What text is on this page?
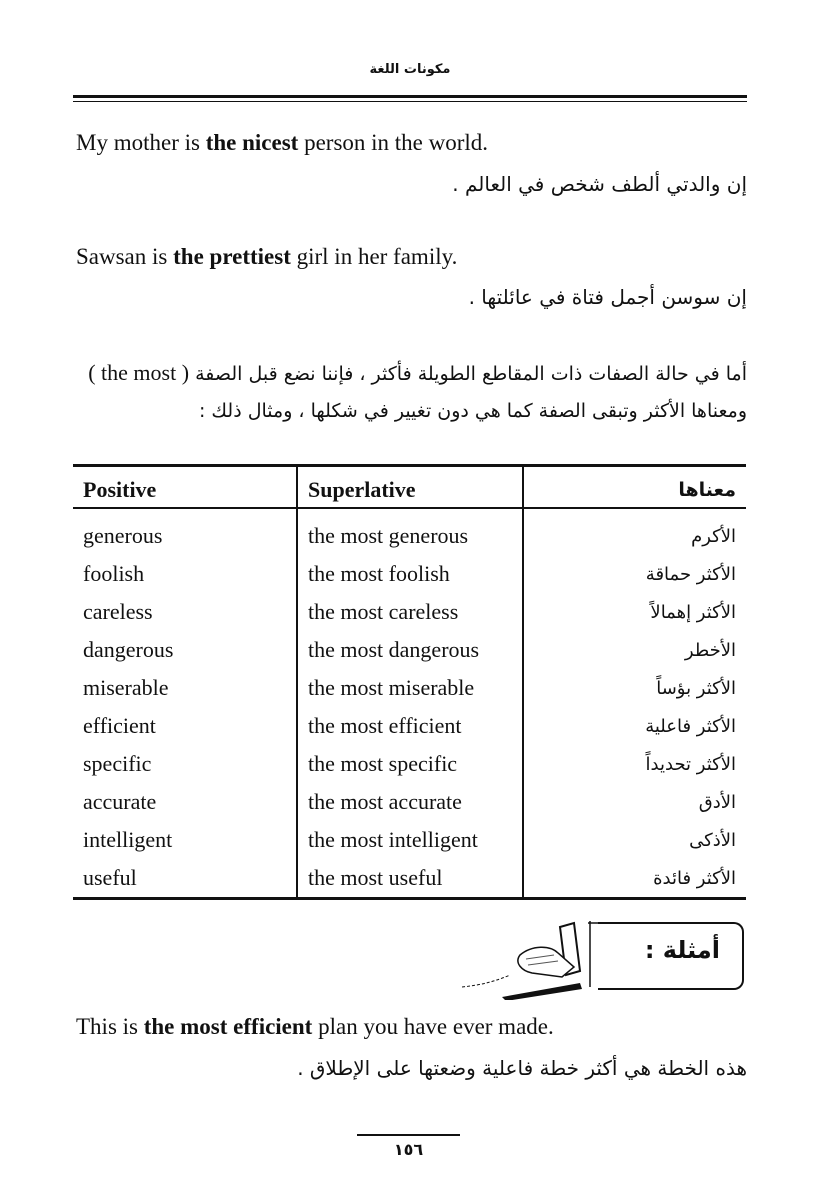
مكونات اللغة
My mother is the nicest person in the world.
إن والدتي ألطف شخص في العالم .
Sawsan is the prettiest girl in her family.
إن سوسن أجمل فتاة في عائلتها .
أما في حالة الصفات ذات المقاطع الطويلة فأكثر ، فإننا نضع قبل الصفة ( the most )
ومعناها الأكثر وتبقى الصفة كما هي دون تغيير في شكلها ، ومثال ذلك :
Positive	Superlative	معناها
generous	the most generous	الأكرم
foolish	the most foolish	الأكثر حماقة
careless	the most careless	الأكثر إهمالاً
dangerous	the most dangerous	الأخطر
miserable	the most miserable	الأكثر بؤساً
efficient	the most efficient	الأكثر فاعلية
specific	the most specific	الأكثر تحديداً
accurate	the most accurate	الأدق
intelligent	the most intelligent	الأذكى
useful	the most useful	الأكثر فائدة
أمثلة :
This is the most efficient plan you have ever made.
هذه الخطة هي أكثر خطة فاعلية وضعتها على الإطلاق .
١٥٦
